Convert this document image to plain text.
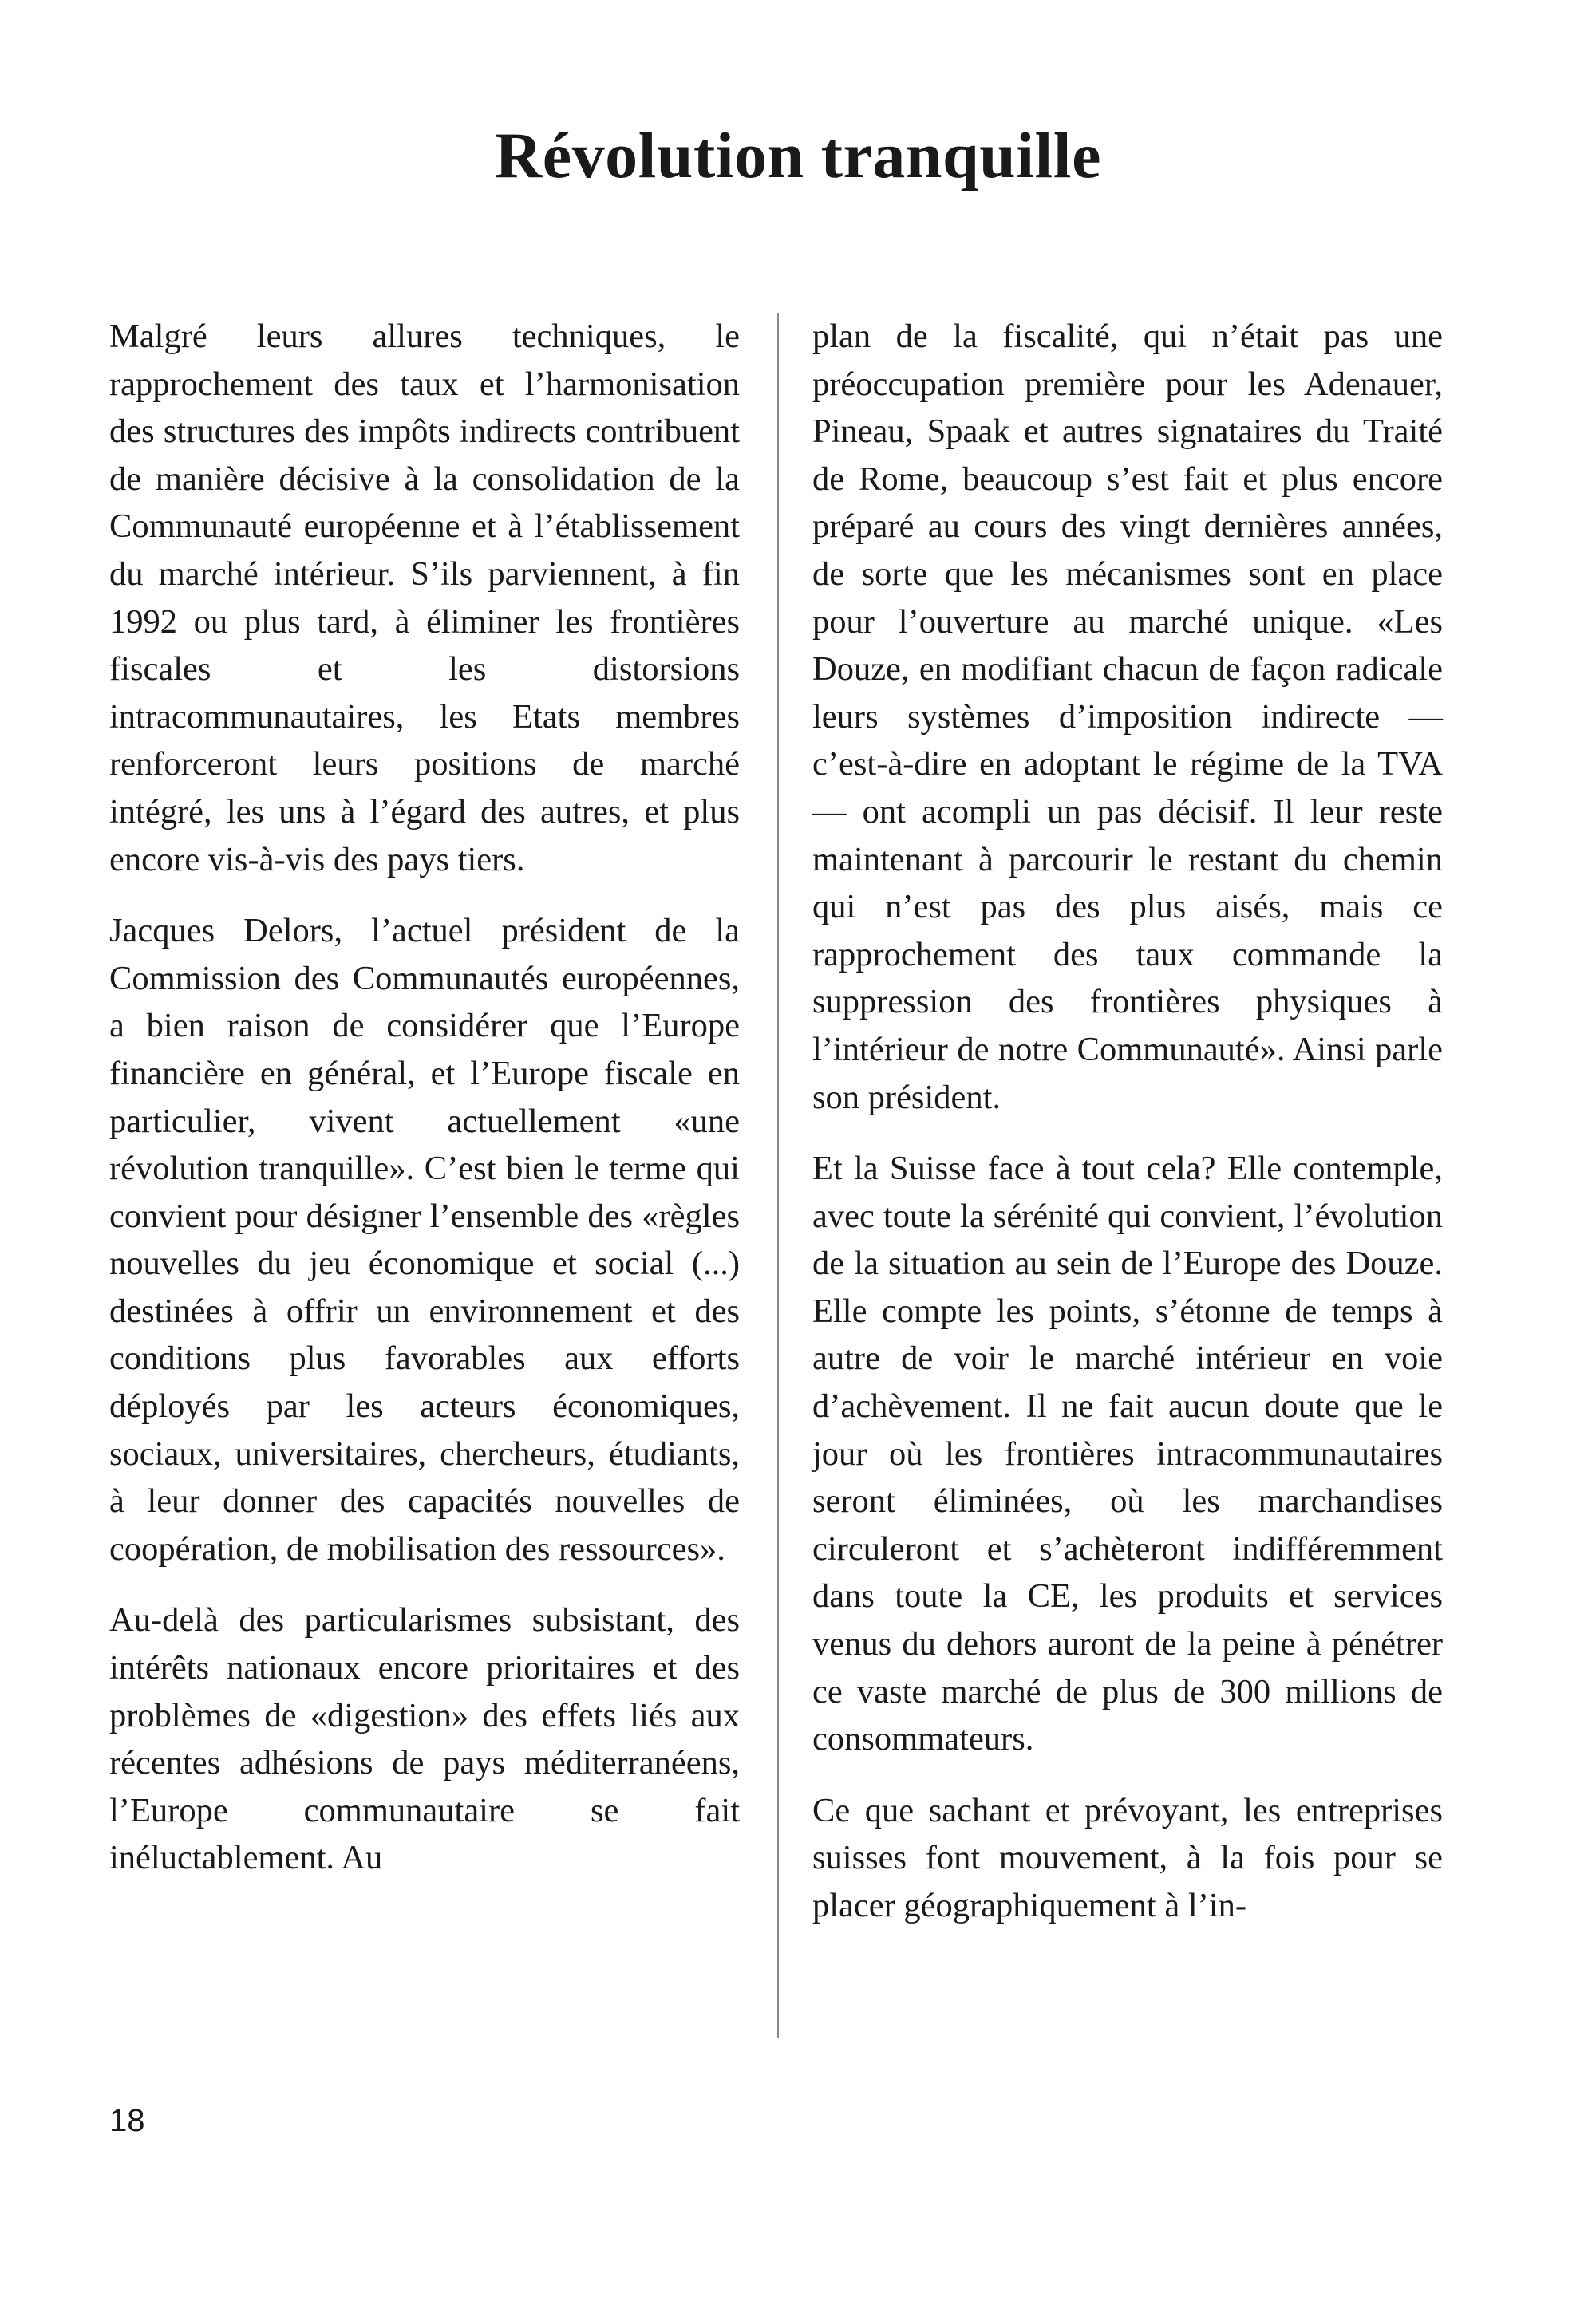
Révolution tranquille

Malgré leurs allures techniques, le rapprochement des taux et l’harmonisation des structures des impôts indirects contribuent de manière décisive à la consolidation de la Communauté européenne et à l’établissement du marché intérieur. S’ils parviennent, à fin 1992 ou plus tard, à éliminer les frontières fiscales et les distorsions intracommunautaires, les Etats membres renforceront leurs positions de marché intégré, les uns à l’égard des autres, et plus encore vis-à-vis des pays tiers.

Jacques Delors, l’actuel président de la Commission des Communautés européennes, a bien raison de considérer que l’Europe financière en général, et l’Europe fiscale en particulier, vivent actuellement «une révolution tranquille». C’est bien le terme qui convient pour désigner l’ensemble des «règles nouvelles du jeu économique et social (...) destinées à offrir un environnement et des conditions plus favorables aux efforts déployés par les acteurs économiques, sociaux, universitaires, chercheurs, étudiants, à leur donner des capacités nouvelles de coopération, de mobilisation des ressources».

Au-delà des particularismes subsistant, des intérêts nationaux encore prioritaires et des problèmes de «digestion» des effets liés aux récentes adhésions de pays méditerranéens, l’Europe communautaire se fait inéluctablement. Au

plan de la fiscalité, qui n’était pas une préoccupation première pour les Adenauer, Pineau, Spaak et autres signataires du Traité de Rome, beaucoup s’est fait et plus encore préparé au cours des vingt dernières années, de sorte que les mécanismes sont en place pour l’ouverture au marché unique. «Les Douze, en modifiant chacun de façon radicale leurs systèmes d’imposition indirecte — c’est-à-dire en adoptant le régime de la TVA — ont acompli un pas décisif. Il leur reste maintenant à parcourir le restant du chemin qui n’est pas des plus aisés, mais ce rapprochement des taux commande la suppression des frontières physiques à l’intérieur de notre Communauté». Ainsi parle son président.

Et la Suisse face à tout cela? Elle contemple, avec toute la sérénité qui convient, l’évolution de la situation au sein de l’Europe des Douze. Elle compte les points, s’étonne de temps à autre de voir le marché intérieur en voie d’achèvement. Il ne fait aucun doute que le jour où les frontières intracommunautaires seront éliminées, où les marchandises circuleront et s’achèteront indifféremment dans toute la CE, les produits et services venus du dehors auront de la peine à pénétrer ce vaste marché de plus de 300 millions de consommateurs.

Ce que sachant et prévoyant, les entreprises suisses font mouvement, à la fois pour se placer géographiquement à l’in-

18
